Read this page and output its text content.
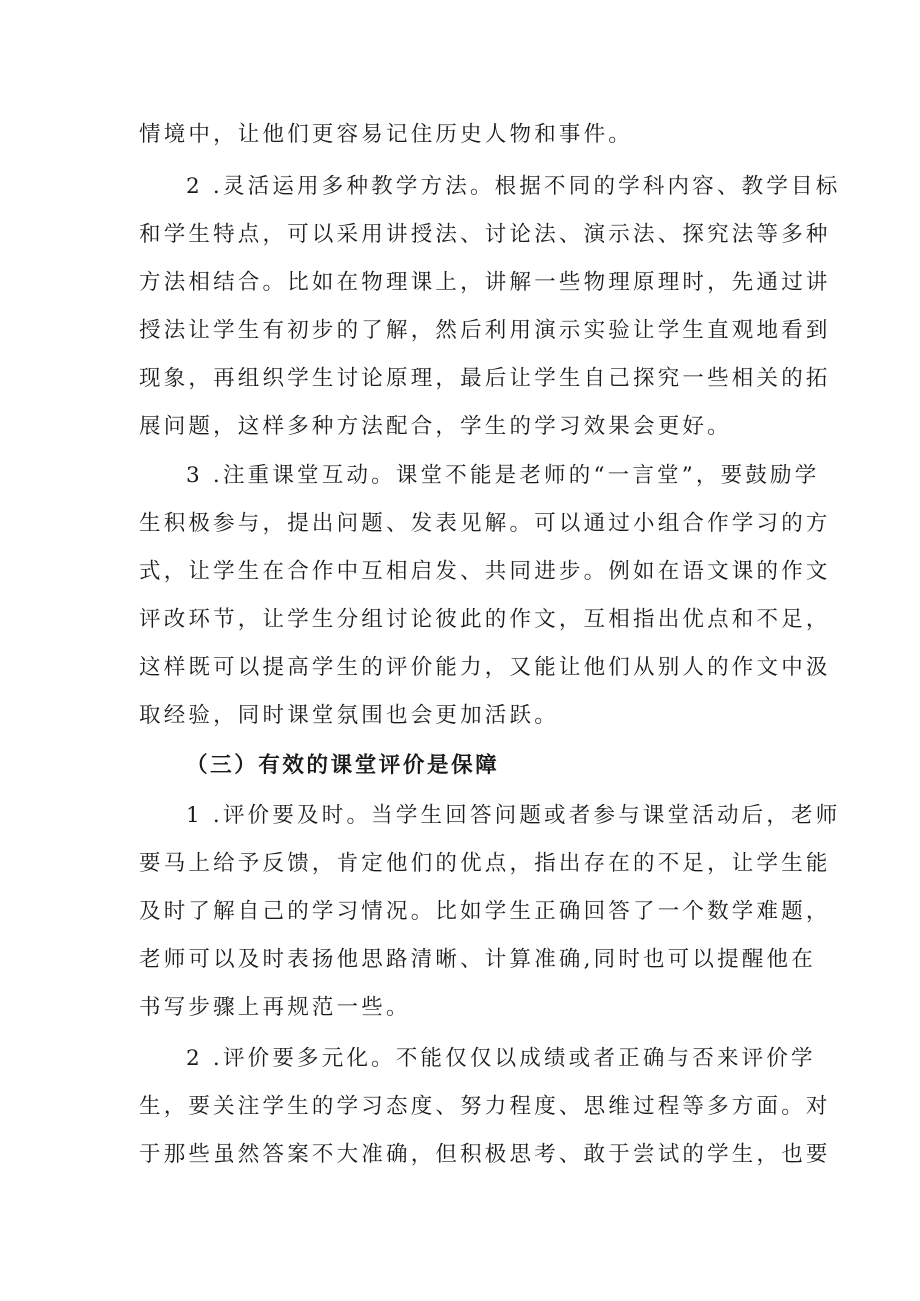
情境中，让他们更容易记住历史人物和事件。
2 .灵活运用多种教学方法。根据不同的学科内容、教学目标
和学生特点，可以采用讲授法、讨论法、演示法、探究法等多种
方法相结合。比如在物理课上，讲解一些物理原理时，先通过讲
授法让学生有初步的了解，然后利用演示实验让学生直观地看到
现象，再组织学生讨论原理，最后让学生自己探究一些相关的拓
展问题，这样多种方法配合，学生的学习效果会更好。
3 .注重课堂互动。课堂不能是老师的“一言堂”，要鼓励学
生积极参与，提出问题、发表见解。可以通过小组合作学习的方
式，让学生在合作中互相启发、共同进步。例如在语文课的作文
评改环节，让学生分组讨论彼此的作文，互相指出优点和不足，
这样既可以提高学生的评价能力，又能让他们从别人的作文中汲
取经验，同时课堂氛围也会更加活跃。
（三）有效的课堂评价是保障
1 .评价要及时。当学生回答问题或者参与课堂活动后，老师
要马上给予反馈，肯定他们的优点，指出存在的不足，让学生能
及时了解自己的学习情况。比如学生正确回答了一个数学难题，
老师可以及时表扬他思路清晰、计算准确,同时也可以提醒他在
书写步骤上再规范一些。
2 .评价要多元化。不能仅仅以成绩或者正确与否来评价学
生，要关注学生的学习态度、努力程度、思维过程等多方面。对
于那些虽然答案不大准确，但积极思考、敢于尝试的学生，也要
